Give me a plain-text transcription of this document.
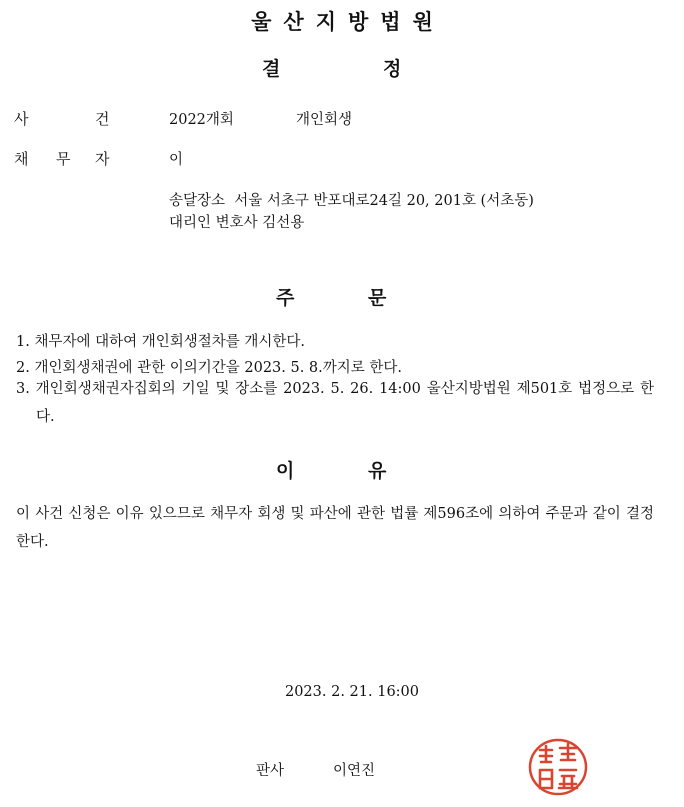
울산지방법원
결	정
사	건	2022개회	개인회생
채 무 자	이
송달장소  서울 서초구 반포대로24길 20, 201호 (서초동)
대리인 변호사 김선용
주	문
1. 채무자에 대하여 개인회생절차를 개시한다.
2. 개인회생채권에 관한 이의기간을 2023. 5. 8.까지로 한다.
3. 개인회생채권자집회의 기일 및 장소를 2023. 5. 26. 14:00 울산지방법원 제501호 법정으로 한다.
이	유
이 사건 신청은 이유 있으므로 채무자 회생 및 파산에 관한 법률 제596조에 의하여 주문과 같이 결정한다.
2023. 2. 21. 16:00
판사	이연진
